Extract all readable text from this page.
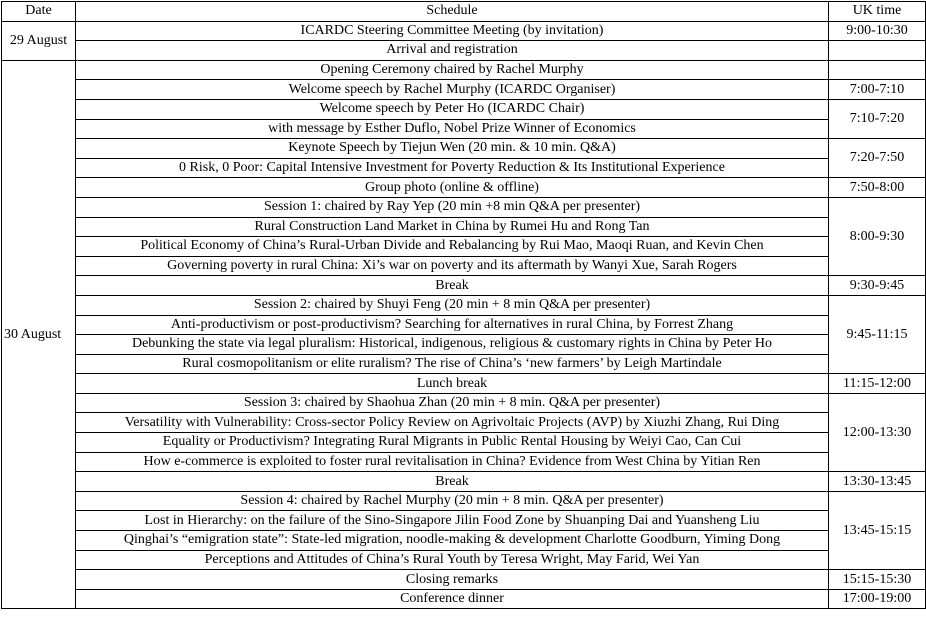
Date	Schedule	UK time
29 August	ICARDC Steering Committee Meeting (by invitation)	9:00-10:30
	Arrival and registration	
30 August	Opening Ceremony chaired by Rachel Murphy	
	Welcome speech by Rachel Murphy (ICARDC Organiser)	7:00-7:10
	Welcome speech by Peter Ho (ICARDC Chair)	7:10-7:20
	with message by Esther Duflo, Nobel Prize Winner of Economics	
	Keynote Speech by Tiejun Wen (20 min. & 10 min. Q&A)	7:20-7:50
	0 Risk, 0 Poor: Capital Intensive Investment for Poverty Reduction & Its Institutional Experience	
	Group photo (online & offline)	7:50-8:00
	Session 1: chaired by Ray Yep (20 min +8 min Q&A per presenter)	8:00-9:30
	Rural Construction Land Market in China by Rumei Hu and Rong Tan	
	Political Economy of China’s Rural-Urban Divide and Rebalancing by Rui Mao, Maoqi Ruan, and Kevin Chen	
	Governing poverty in rural China: Xi’s war on poverty and its aftermath by Wanyi Xue, Sarah Rogers	
	Break	9:30-9:45
	Session 2: chaired by Shuyi Feng (20 min + 8 min Q&A per presenter)	9:45-11:15
	Anti-productivism or post-productivism? Searching for alternatives in rural China, by Forrest Zhang	
	Debunking the state via legal pluralism: Historical, indigenous, religious & customary rights in China by Peter Ho	
	Rural cosmopolitanism or elite ruralism? The rise of China’s ‘new farmers’ by Leigh Martindale	
	Lunch break	11:15-12:00
	Session 3: chaired by Shaohua Zhan (20 min + 8 min. Q&A per presenter)	12:00-13:30
	Versatility with Vulnerability: Cross-sector Policy Review on Agrivoltaic Projects (AVP) by Xiuzhi Zhang, Rui Ding	
	Equality or Productivism? Integrating Rural Migrants in Public Rental Housing by Weiyi Cao, Can Cui	
	How e-commerce is exploited to foster rural revitalisation in China? Evidence from West China by Yitian Ren	
	Break	13:30-13:45
	Session 4: chaired by Rachel Murphy (20 min + 8 min. Q&A per presenter)	13:45-15:15
	Lost in Hierarchy: on the failure of the Sino-Singapore Jilin Food Zone by Shuanping Dai and Yuansheng Liu	
	Qinghai’s “emigration state”: State-led migration, noodle-making & development Charlotte Goodburn, Yiming Dong	
	Perceptions and Attitudes of China’s Rural Youth by Teresa Wright, May Farid, Wei Yan	
	Closing remarks	15:15-15:30
	Conference dinner	17:00-19:00
